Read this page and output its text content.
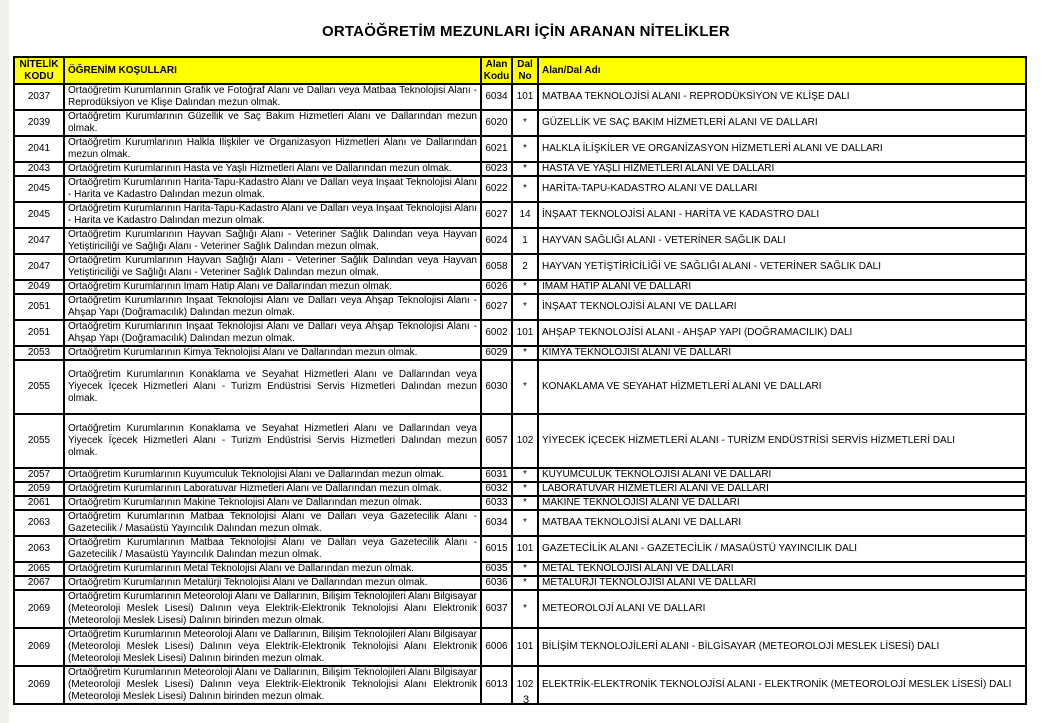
ORTAÖĞRETİM MEZUNLARI İÇİN ARANAN NİTELİKLER
NİTELİK KODU	ÖĞRENİM KOŞULLARI	Alan Kodu	Dal No	Alan/Dal Adı
2037	Ortaöğretim Kurumlarının Grafik ve Fotoğraf Alanı ve Dalları veya Matbaa Teknolojisi Alanı - Reprodüksiyon ve Klişe Dalından mezun olmak.	6034	101	MATBAA TEKNOLOJİSİ ALANI - REPRODÜKSİYON VE KLİŞE DALI
2039	Ortaöğretim Kurumlarının Güzellik ve Saç Bakım Hizmetleri Alanı ve Dallarından mezun olmak.	6020	*	GÜZELLİK VE SAÇ BAKIM HİZMETLERİ ALANI VE DALLARI
2041	Ortaöğretim Kurumlarının Halkla İlişkiler ve Organizasyon Hizmetleri Alanı ve Dallarından mezun olmak.	6021	*	HALKLA İLİŞKİLER VE ORGANİZASYON HİZMETLERİ ALANI VE DALLARI
2043	Ortaöğretim Kurumlarının Hasta ve Yaşlı Hizmetleri Alanı ve Dallarından mezun olmak.	6023	*	HASTA VE YAŞLI HİZMETLERİ ALANI VE DALLARI
2045	Ortaöğretim Kurumlarının Harita-Tapu-Kadastro Alanı ve Dalları veya İnşaat Teknolojisi Alanı - Harita ve Kadastro Dalından mezun olmak.	6022	*	HARİTA-TAPU-KADASTRO ALANI VE DALLARI
2045	Ortaöğretim Kurumlarının Harita-Tapu-Kadastro Alanı ve Dalları veya İnşaat Teknolojisi Alanı - Harita ve Kadastro Dalından mezun olmak.	6027	14	İNŞAAT TEKNOLOJİSİ ALANI - HARİTA VE KADASTRO DALI
2047	Ortaöğretim Kurumlarının Hayvan Sağlığı Alanı - Veteriner Sağlık Dalından veya Hayvan Yetiştiriciliği ve Sağlığı Alanı - Veteriner Sağlık Dalından mezun olmak.	6024	1	HAYVAN SAĞLIĞI ALANI - VETERİNER SAĞLIK DALI
2047	Ortaöğretim Kurumlarının Hayvan Sağlığı Alanı - Veteriner Sağlık Dalından veya Hayvan Yetiştiriciliği ve Sağlığı Alanı - Veteriner Sağlık Dalından mezun olmak.	6058	2	HAYVAN YETİŞTİRİCİLİĞİ VE SAĞLIĞI ALANI - VETERİNER SAĞLIK DALI
2049	Ortaöğretim Kurumlarının İmam Hatip Alanı ve Dallarından mezun olmak.	6026	*	İMAM HATİP ALANI VE DALLARI
2051	Ortaöğretim Kurumlarının İnşaat Teknolojisi Alanı ve Dalları veya Ahşap Teknolojisi Alanı - Ahşap Yapı (Doğramacılık) Dalından mezun olmak.	6027	*	İNŞAAT TEKNOLOJİSİ ALANI VE DALLARI
2051	Ortaöğretim Kurumlarının İnşaat Teknolojisi Alanı ve Dalları veya Ahşap Teknolojisi Alanı - Ahşap Yapı (Doğramacılık) Dalından mezun olmak.	6002	101	AHŞAP TEKNOLOJİSİ ALANI - AHŞAP YAPI (DOĞRAMACILIK) DALI
2053	Ortaöğretim Kurumlarının Kimya Teknolojisi Alanı ve Dallarından mezun olmak.	6029	*	KİMYA TEKNOLOJİSİ ALANI VE DALLARI
2055	Ortaöğretim Kurumlarının Konaklama ve Seyahat Hizmetleri Alanı ve Dallarından veya Yiyecek İçecek Hizmetleri Alanı - Turizm Endüstrisi Servis Hizmetleri Dalından mezun olmak.	6030	*	KONAKLAMA VE SEYAHAT HİZMETLERİ ALANI VE DALLARI
2055	Ortaöğretim Kurumlarının Konaklama ve Seyahat Hizmetleri Alanı ve Dallarından veya Yiyecek İçecek Hizmetleri Alanı - Turizm Endüstrisi Servis Hizmetleri Dalından mezun olmak.	6057	102	YİYECEK İÇECEK HİZMETLERİ ALANI - TURİZM ENDÜSTRİSİ SERVİS HİZMETLERİ DALI
2057	Ortaöğretim Kurumlarının Kuyumculuk Teknolojisi Alanı ve Dallarından mezun olmak.	6031	*	KUYUMCULUK TEKNOLOJİSİ ALANI VE DALLARI
2059	Ortaöğretim Kurumlarının Laboratuvar Hizmetleri Alanı ve Dallarından mezun olmak.	6032	*	LABORATUVAR HİZMETLERİ ALANI VE DALLARI
2061	Ortaöğretim Kurumlarının Makine Teknolojisi Alanı ve Dallarından mezun olmak.	6033	*	MAKİNE TEKNOLOJİSİ ALANI VE DALLARI
2063	Ortaöğretim Kurumlarının Matbaa Teknolojisi Alanı ve Dalları veya Gazetecilik Alanı - Gazetecilik / Masaüstü Yayıncılık Dalından mezun olmak.	6034	*	MATBAA TEKNOLOJİSİ ALANI VE DALLARI
2063	Ortaöğretim Kurumlarının Matbaa Teknolojisi Alanı ve Dalları veya Gazetecilik Alanı - Gazetecilik / Masaüstü Yayıncılık Dalından mezun olmak.	6015	101	GAZETECİLİK ALANI - GAZETECİLİK / MASAÜSTÜ YAYINCILIK DALI
2065	Ortaöğretim Kurumlarının Metal Teknolojisi Alanı ve Dallarından mezun olmak.	6035	*	METAL TEKNOLOJİSİ ALANI VE DALLARI
2067	Ortaöğretim Kurumlarının Metalürji Teknolojisi Alanı ve Dallarından mezun olmak.	6036	*	METALÜRJİ TEKNOLOJİSİ ALANI VE DALLARI
2069	Ortaöğretim Kurumlarının Meteoroloji Alanı ve Dallarının, Bilişim Teknolojileri Alanı Bilgisayar (Meteoroloji Meslek Lisesi) Dalının veya Elektrik-Elektronik Teknolojisi Alanı Elektronik (Meteoroloji Meslek Lisesi) Dalının birinden mezun olmak.	6037	*	METEOROLOJİ ALANI VE DALLARI
2069	Ortaöğretim Kurumlarının Meteoroloji Alanı ve Dallarının, Bilişim Teknolojileri Alanı Bilgisayar (Meteoroloji Meslek Lisesi) Dalının veya Elektrik-Elektronik Teknolojisi Alanı Elektronik (Meteoroloji Meslek Lisesi) Dalının birinden mezun olmak.	6006	101	BİLİŞİM TEKNOLOJİLERİ ALANI - BİLGİSAYAR (METEOROLOJİ MESLEK LİSESİ) DALI
2069	Ortaöğretim Kurumlarının Meteoroloji Alanı ve Dallarının, Bilişim Teknolojileri Alanı Bilgisayar (Meteoroloji Meslek Lisesi) Dalının veya Elektrik-Elektronik Teknolojisi Alanı Elektronik (Meteoroloji Meslek Lisesi) Dalının birinden mezun olmak.	6013	102	ELEKTRİK-ELEKTRONİK TEKNOLOJİSİ ALANI - ELEKTRONİK (METEOROLOJİ MESLEK LİSESİ) DALI
3
